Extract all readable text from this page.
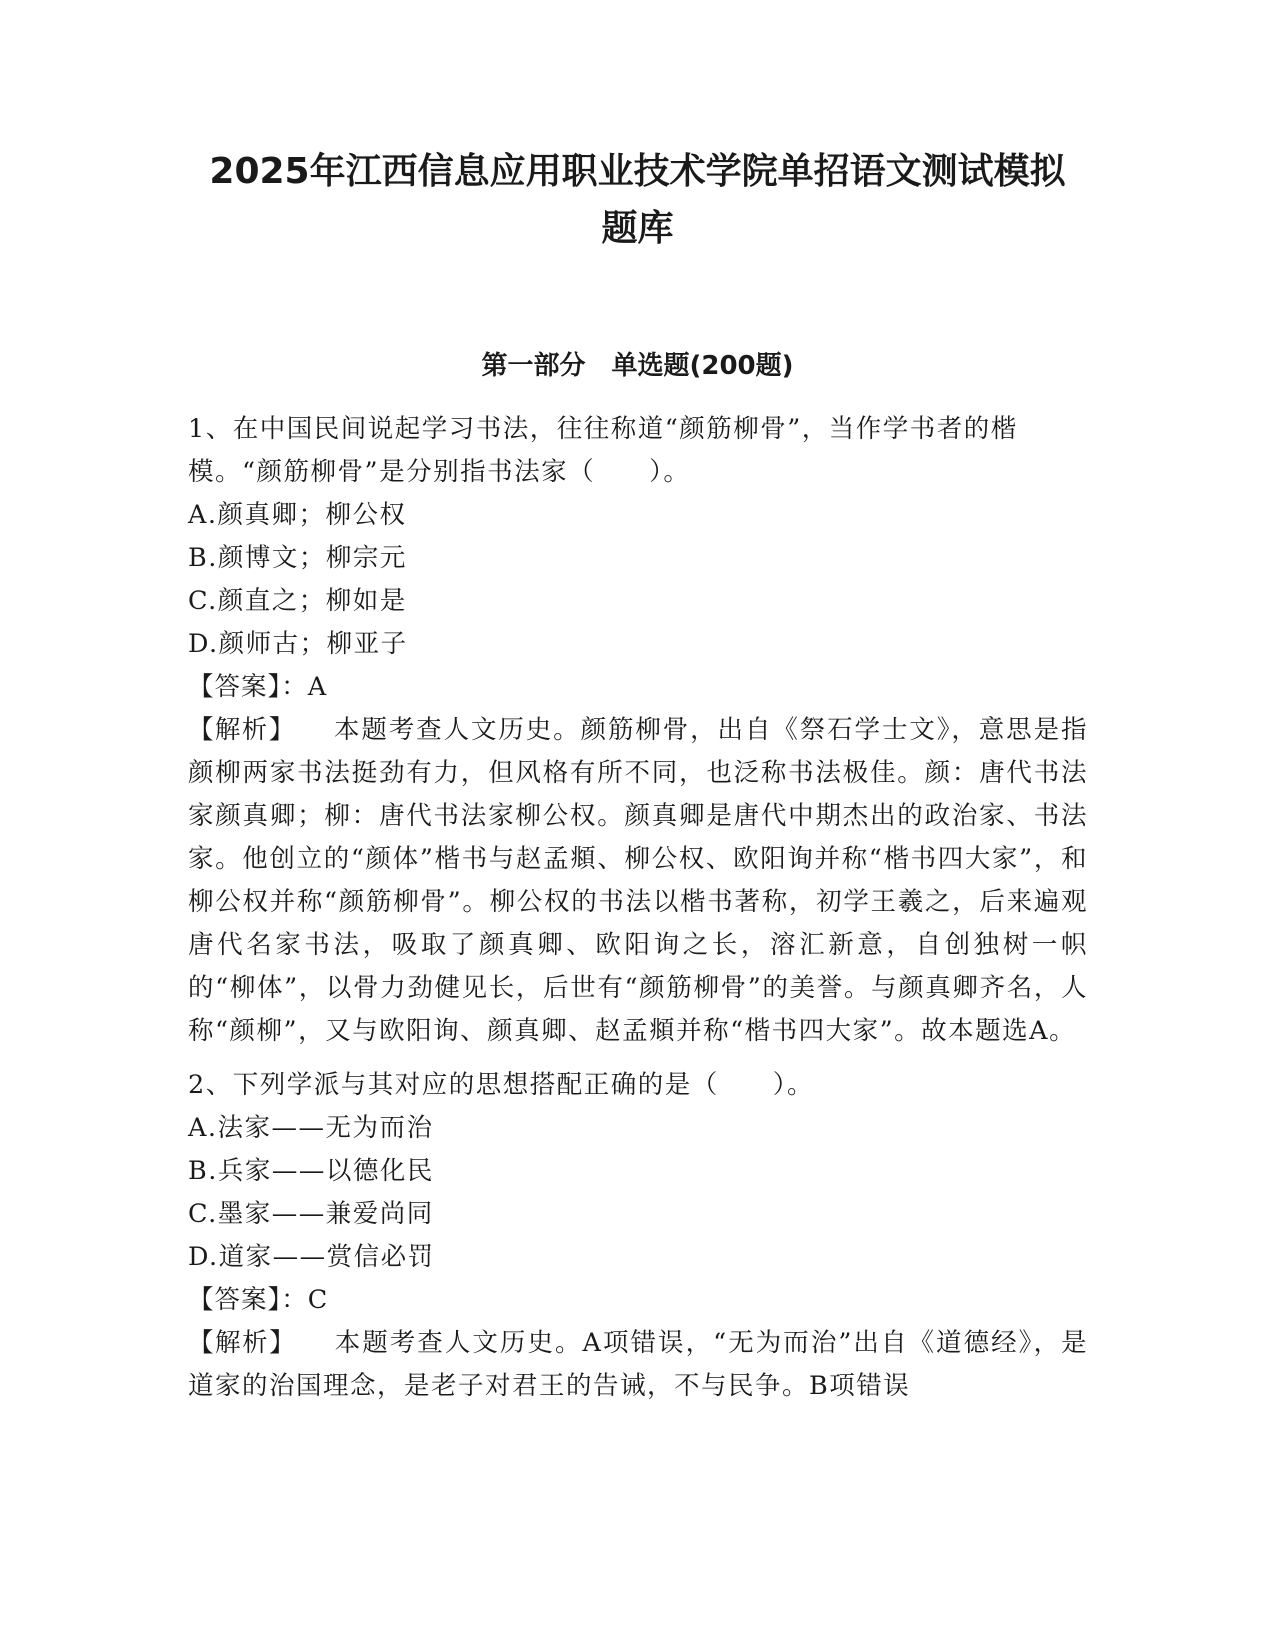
2025年江西信息应用职业技术学院单招语文测试模拟
题库
第一部分　单选题(200题)

1、在中国民间说起学习书法，往往称道“颜筋柳骨”，当作学书者的楷模。“颜筋柳骨”是分别指书法家（　　）。

A.颜真卿；柳公权

B.颜博文；柳宗元

C.颜直之；柳如是

D.颜师古；柳亚子

【答案】：A

【解析】 本题考查人文历史。颜筋柳骨，出自《祭石学士文》，意思是指颜柳两家书法挺劲有力，但风格有所不同，也泛称书法极佳。颜：唐代书法家颜真卿；柳：唐代书法家柳公权。颜真卿是唐代中期杰出的政治家、书法家。他创立的“颜体”楷书与赵孟頫、柳公权、欧阳询并称“楷书四大家”，和柳公权并称“颜筋柳骨”。柳公权的书法以楷书著称，初学王羲之，后来遍观唐代名家书法，吸取了颜真卿、欧阳询之长，溶汇新意，自创独树一帜的“柳体”，以骨力劲健见长，后世有“颜筋柳骨”的美誉。与颜真卿齐名，人称“颜柳”，又与欧阳询、颜真卿、赵孟頫并称“楷书四大家”。故本题选A。

2、下列学派与其对应的思想搭配正确的是（　　）。

A.法家——无为而治

B.兵家——以德化民

C.墨家——兼爱尚同

D.道家——赏信必罚

【答案】：C

【解析】 本题考查人文历史。A项错误，“无为而治”出自《道德经》，是道家的治国理念，是老子对君王的告诫，不与民争。B项错误
